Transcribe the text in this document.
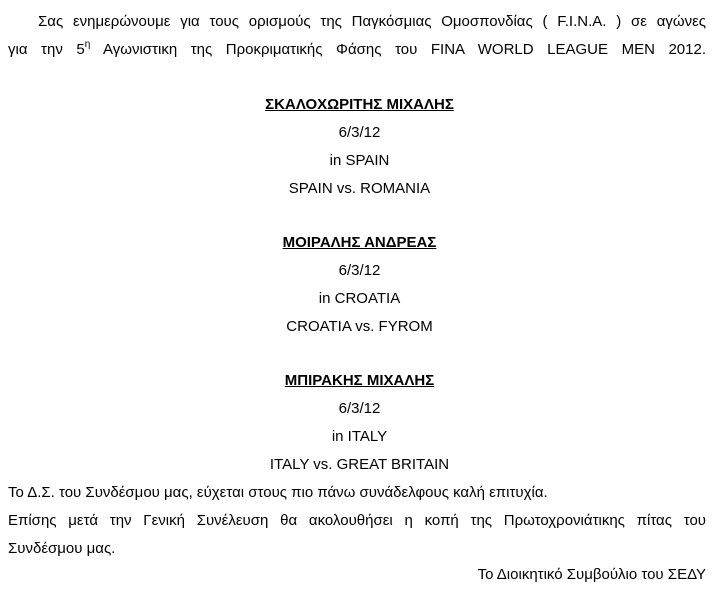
Σας ενημερώνουμε για τους ορισμούς της Παγκόσμιας Ομοσπονδίας ( F.I.N.A. ) σε αγώνες
για την $5^\eta$ Αγωνιστικη της Προκριματικής Φάσης του FINA WORLD LEAGUE MEN 2012.
ΣΚΑΛΟΧΩΡΙΤΗΣ ΜΙΧΑΛΗΣ
6/3/12
in SPAIN
SPAIN vs. ROMANIA
ΜΟΙΡΑΛΗΣ ΑΝΔΡΕΑΣ
6/3/12
in CROATIA
CROATIA vs. FYROM
ΜΠΙΡΑΚΗΣ ΜΙΧΑΛΗΣ
6/3/12
in ITALY
ITALY vs. GREAT BRITAIN
Το Δ.Σ. του Συνδέσμου μας, εύχεται στους πιο πάνω συνάδελφους καλή επιτυχία.
Επίσης μετά την Γενική Συνέλευση θα ακολουθήσει η κοπή της Πρωτοχρονιάτικης πίτας του
Συνδέσμου μας.
Το Διοικητικό Συμβούλιο του ΣΕΔΥ
